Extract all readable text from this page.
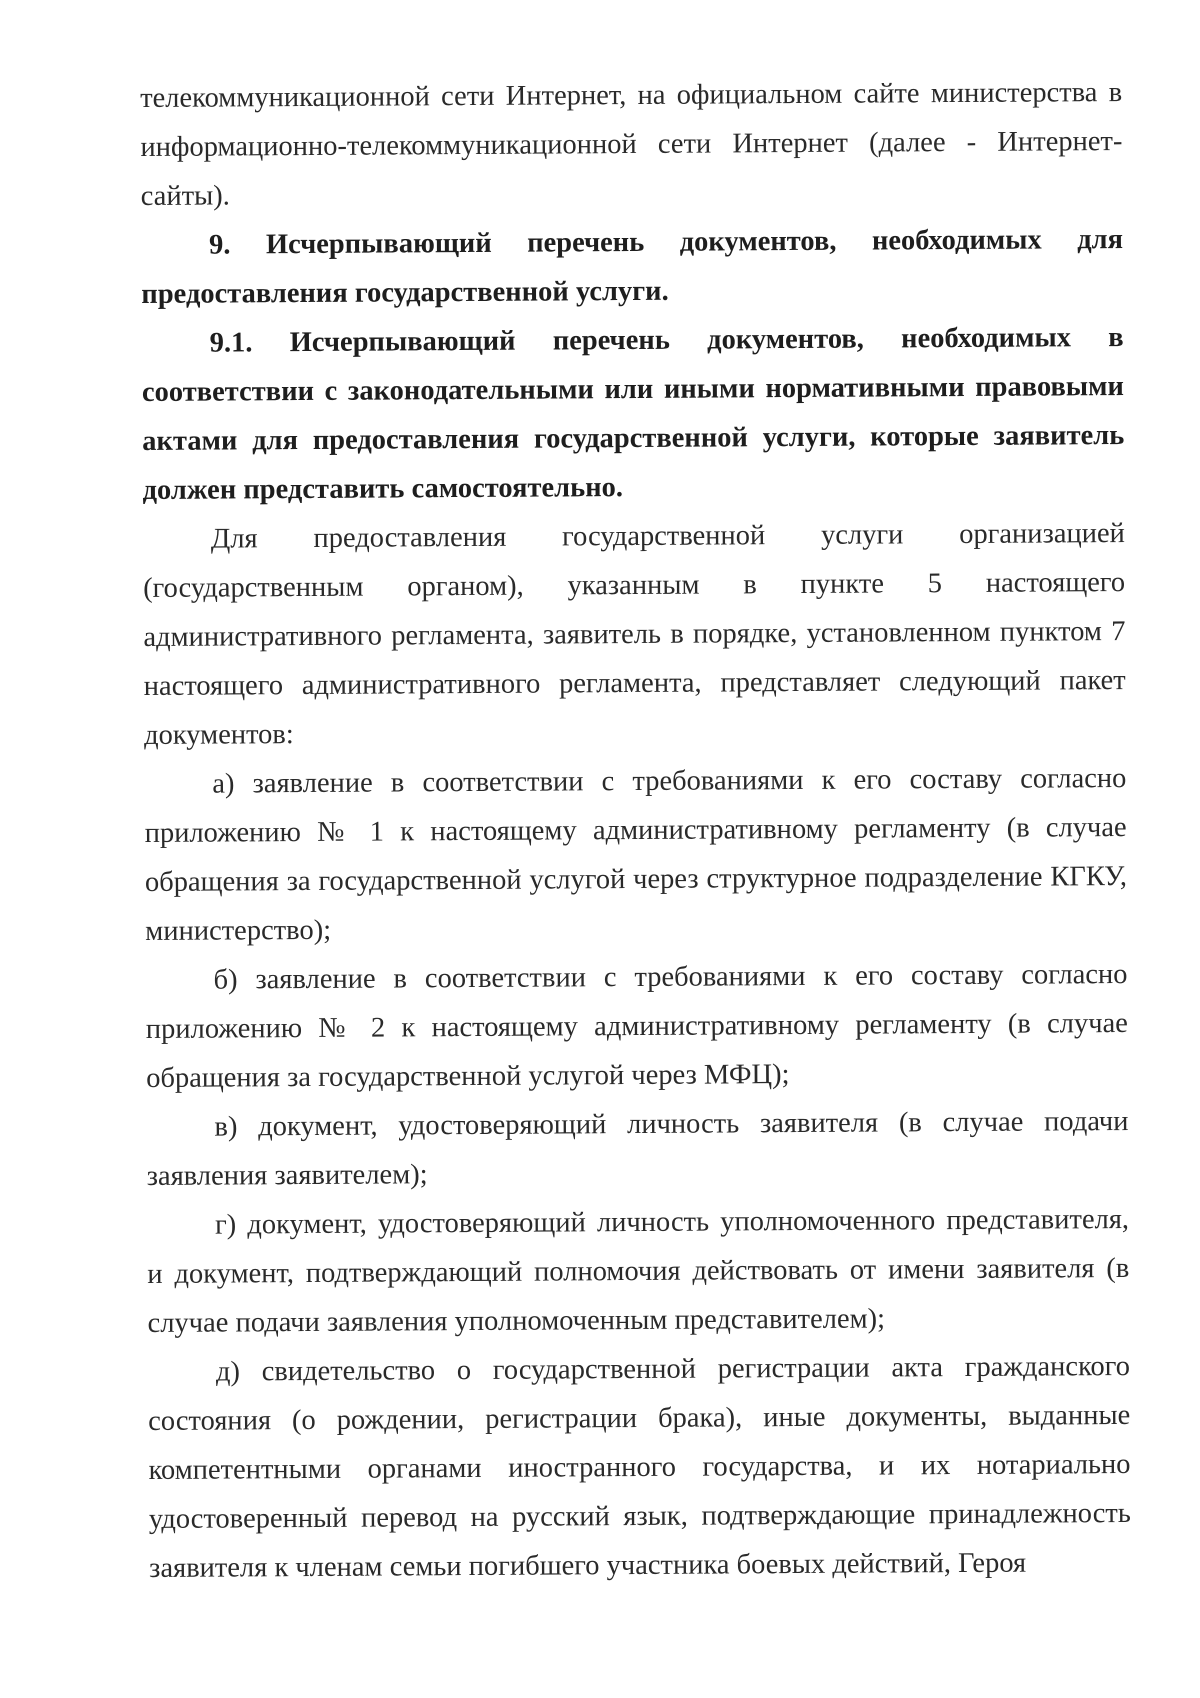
телекоммуникационной сети Интернет, на официальном сайте министерства в информационно-телекоммуникационной сети Интернет (далее - Интернет-сайты).

9. Исчерпывающий перечень документов, необходимых для предоставления государственной услуги.

9.1. Исчерпывающий перечень документов, необходимых в соответствии с законодательными или иными нормативными правовыми актами для предоставления государственной услуги, которые заявитель должен представить самостоятельно.

Для предоставления государственной услуги организацией (государственным органом), указанным в пункте 5 настоящего административного регламента, заявитель в порядке, установленном пунктом 7 настоящего административного регламента, представляет следующий пакет документов:

а) заявление в соответствии с требованиями к его составу согласно приложению № 1 к настоящему административному регламенту (в случае обращения за государственной услугой через структурное подразделение КГКУ, министерство);

б) заявление в соответствии с требованиями к его составу согласно приложению № 2 к настоящему административному регламенту (в случае обращения за государственной услугой через МФЦ);

в) документ, удостоверяющий личность заявителя (в случае подачи заявления заявителем);

г) документ, удостоверяющий личность уполномоченного представителя, и документ, подтверждающий полномочия действовать от имени заявителя (в случае подачи заявления уполномоченным представителем);

д) свидетельство о государственной регистрации акта гражданского состояния (о рождении, регистрации брака), иные документы, выданные компетентными органами иностранного государства, и их нотариально удостоверенный перевод на русский язык, подтверждающие принадлежность заявителя к членам семьи погибшего участника боевых действий, Героя
